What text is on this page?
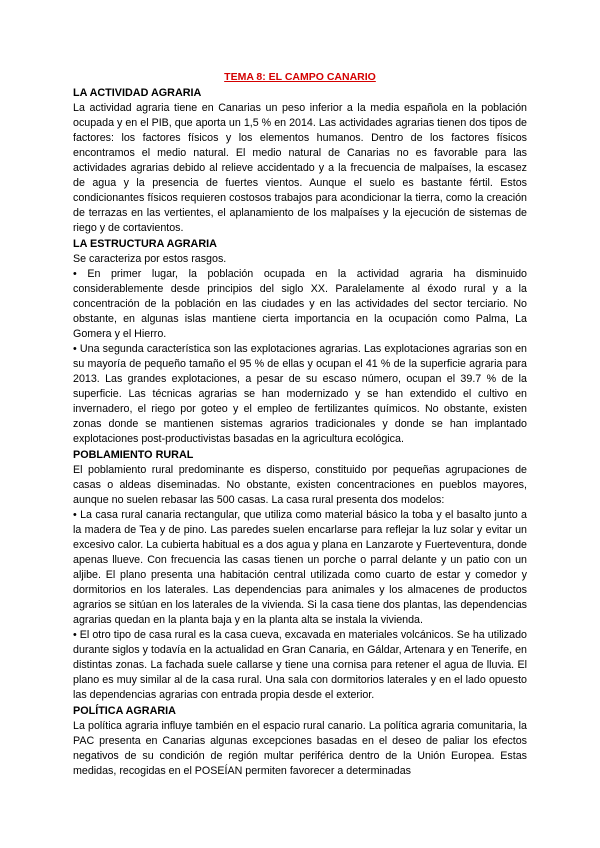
TEMA 8: EL CAMPO CANARIO
LA ACTIVIDAD AGRARIA

La actividad agraria tiene en Canarias un peso inferior a la media española en la población ocupada y en el PIB, que aporta un 1,5 % en 2014. Las actividades agrarias tienen dos tipos de factores: los factores físicos y los elementos humanos. Dentro de los factores físicos encontramos el medio natural. El medio natural de Canarias no es favorable para las actividades agrarias debido al relieve accidentado y a la frecuencia de malpaíses, la escasez de agua y la presencia de fuertes vientos. Aunque el suelo es bastante fértil. Estos condicionantes físicos requieren costosos trabajos para acondicionar la tierra, como la creación de terrazas en las vertientes, el aplanamiento de los malpaíses y la ejecución de sistemas de riego y de cortavientos.

LA ESTRUCTURA AGRARIA

Se caracteriza por estos rasgos.

• En primer lugar, la población ocupada en la actividad agraria ha disminuido considerablemente desde principios del siglo XX. Paralelamente al éxodo rural y a la concentración de la población en las ciudades y en las actividades del sector terciario. No obstante, en algunas islas mantiene cierta importancia en la ocupación como Palma, La Gomera y el Hierro.

• Una segunda característica son las explotaciones agrarias. Las explotaciones agrarias son en su mayoría de pequeño tamaño el 95 % de ellas y ocupan el 41 % de la superficie agraria para 2013. Las grandes explotaciones, a pesar de su escaso número, ocupan el 39.7 % de la superficie. Las técnicas agrarias se han modernizado y se han extendido el cultivo en invernadero, el riego por goteo y el empleo de fertilizantes químicos. No obstante, existen zonas donde se mantienen sistemas agrarios tradicionales y donde se han implantado explotaciones post-productivistas basadas en la agricultura ecológica.

POBLAMIENTO RURAL

El poblamiento rural predominante es disperso, constituido por pequeñas agrupaciones de casas o aldeas diseminadas. No obstante, existen concentraciones en pueblos mayores, aunque no suelen rebasar las 500 casas. La casa rural presenta dos modelos:

• La casa rural canaria rectangular, que utiliza como material básico la toba y el basalto junto a la madera de Tea y de pino. Las paredes suelen encarlarse para reflejar la luz solar y evitar un excesivo calor. La cubierta habitual es a dos agua y plana en Lanzarote y Fuerteventura, donde apenas llueve. Con frecuencia las casas tienen un porche o parral delante y un patio con un aljibe. El plano presenta una habitación central utilizada como cuarto de estar y comedor y dormitorios en los laterales. Las dependencias para animales y los almacenes de productos agrarios se sitúan en los laterales de la vivienda. Si la casa tiene dos plantas, las dependencias agrarias quedan en la planta baja y en la planta alta se instala la vivienda.

• El otro tipo de casa rural es la casa cueva, excavada en materiales volcánicos. Se ha utilizado durante siglos y todavía en la actualidad en Gran Canaria, en Gáldar, Artenara y en Tenerife, en distintas zonas. La fachada suele callarse y tiene una cornisa para retener el agua de lluvia. El plano es muy similar al de la casa rural. Una sala con dormitorios laterales y en el lado opuesto las dependencias agrarias con entrada propia desde el exterior.

POLÍTICA AGRARIA

La política agraria influye también en el espacio rural canario. La política agraria comunitaria, la PAC presenta en Canarias algunas excepciones basadas en el deseo de paliar los efectos negativos de su condición de región multar periférica dentro de la Unión Europea. Estas medidas, recogidas en el POSEÍAN permiten favorecer a determinadas
